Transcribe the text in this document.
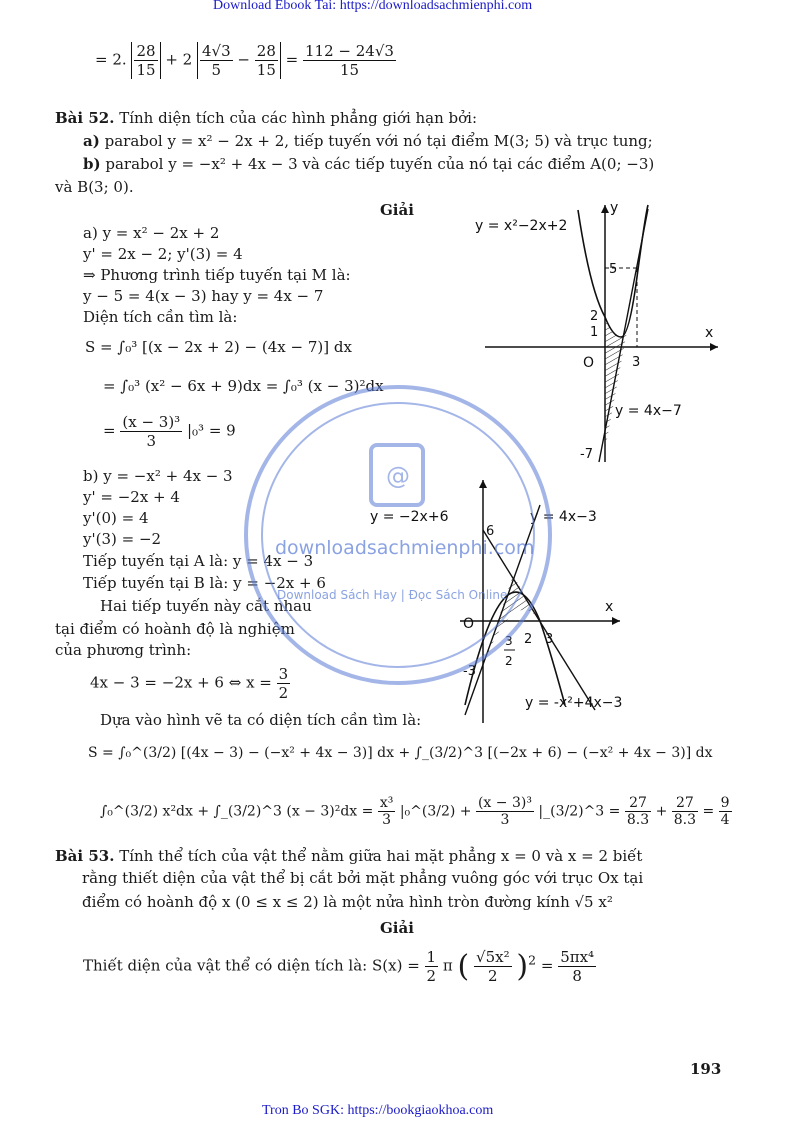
Download Ebook Tai: https://downloadsachmienphi.com
= 2. $\frac{28}{15} + 2 \frac{4√3}{5} - \frac{28}{15} = \frac{112 - 24√3}{15}$
Bài 52. Tính diện tích của các hình phẳng giới hạn bởi:
a) parabol y = x² − 2x + 2, tiếp tuyến với nó tại điểm M(3; 5) và trục tung;
b) parabol y = −x² + 4x − 3 và các tiếp tuyến của nó tại các điểm A(0; −3)
và B(3; 0).
Giải
a) y = x² − 2x + 2
y' = 2x − 2; y'(3) = 4
⇒ Phương trình tiếp tuyến tại M là:
y − 5 = 4(x − 3) hay y = 4x − 7
Diện tích cần tìm là:
S = ∫₀³ [(x − 2x + 2) − (4x − 7)] dx
= ∫₀³ (x² − 6x + 9)dx = ∫₀³ (x − 3)²dx
= $\frac{\text{(x − 3)³}}{3} |_0^3 = 9$
b) y = −x² + 4x − 3
y' = −2x + 4
y'(0) = 4
y'(3) = −2
Tiếp tuyến tại A là: y = 4x − 3
Tiếp tuyến tại B là: y = −2x + 6
Hai tiếp tuyến này cắt nhau
tại điểm có hoành độ là nghiệm
của phương trình:
4x − 3 = −2x + 6 ⇔ $x = \frac{3}{2}$
Dựa vào hình vẽ ta có diện tích cần tìm là:
S = ∫₀^(3/2) [(4x − 3) − (−x² + 4x − 3)] dx + ∫_(3/2)^3 [(−2x + 6) − (−x² + 4x − 3)] dx
∫₀^(3/2) x²dx + ∫_(3/2)^3 $(x - 3)^2dx = \frac{\text{x³}}{3}$ |₀^(3/2) + $\frac{\text{(x − 3)³}}{3}$ |_(3/2)^3 = $\frac{27}{8.3} + \frac{27}{8.3} = \frac{9}{4}$
y = x²−2x+2
y = 4x−7
x
y
O
5
2
1
3
-7
y = −2x+6	y = 4x−3
y = -x²+4x−3
x
O
6
-3
3
2
2 3
@
downloadsachmienphi.com
Download Sách Hay | Đọc Sách Online
Bài 53. Tính thể tích của vật thể nằm giữa hai mặt phẳng x = 0 và x = 2 biết
rằng thiết diện của vật thể bị cắt bởi mặt phẳng vuông góc với trục Ox tại
điểm có hoành độ x (0 ≤ x ≤ 2) là một nửa hình tròn đường kính √5 x²
Giải
Thiết diện của vật thể có diện tích là: $S(x) = \frac{1}{2}$ π ( $\frac{\text{√5x²}}{2} )^2 = \frac{\text{5πx⁴}}{8}$
193
Tron Bo SGK: https://bookgiaokhoa.com
